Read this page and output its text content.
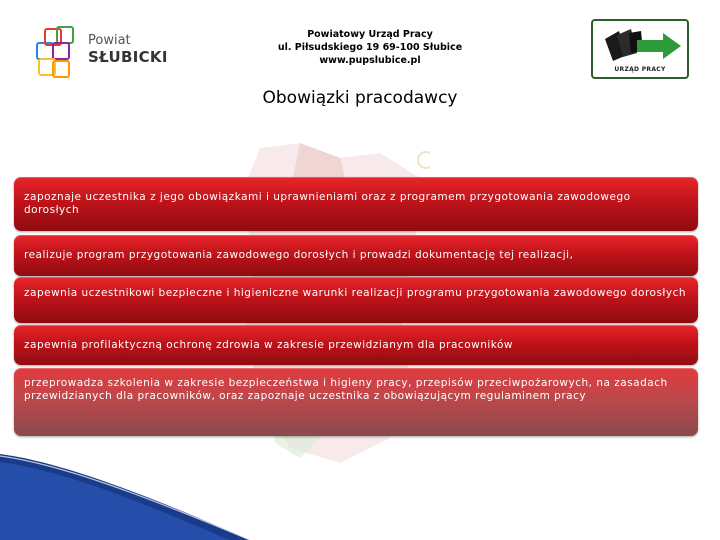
Powiat
SŁUBICKI
Powiatowy Urząd Pracy
ul. Piłsudskiego 19 69-100 Słubice
www.pupslubice.pl
URZĄD PRACY
Obowiązki pracodawcy
zapoznaje uczestnika z jego obowiązkami i uprawnieniami oraz z programem przygotowania zawodowego dorosłych
realizuje program przygotowania zawodowego dorosłych i prowadzi dokumentację tej realizacji,
zapewnia uczestnikowi bezpieczne i higieniczne warunki realizacji programu przygotowania zawodowego dorosłych
zapewnia profilaktyczną ochronę zdrowia w zakresie przewidzianym dla pracowników
przeprowadza szkolenia w zakresie bezpieczeństwa i higieny pracy, przepisów przeciwpożarowych, na zasadach przewidzianych dla pracowników, oraz zapoznaje uczestnika z obowiązującym regulaminem pracy
